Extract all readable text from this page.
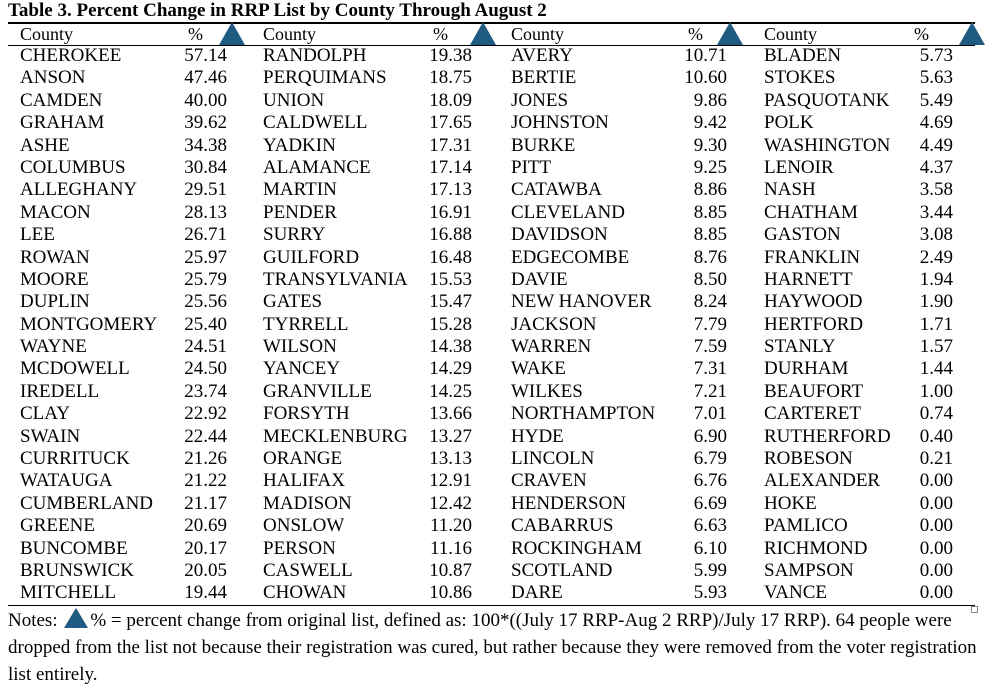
Table 3. Percent Change in RRP List by County Through August 2
County	%
CHEROKEE	57.14
ANSON	47.46
CAMDEN	40.00
GRAHAM	39.62
ASHE	34.38
COLUMBUS	30.84
ALLEGHANY	29.51
MACON	28.13
LEE	26.71
ROWAN	25.97
MOORE	25.79
DUPLIN	25.56
MONTGOMERY	25.40
WAYNE	24.51
MCDOWELL	24.50
IREDELL	23.74
CLAY	22.92
SWAIN	22.44
CURRITUCK	21.26
WATAUGA	21.22
CUMBERLAND	21.17
GREENE	20.69
BUNCOMBE	20.17
BRUNSWICK	20.05
MITCHELL	19.44
County	%
RANDOLPH	19.38
PERQUIMANS	18.75
UNION	18.09
CALDWELL	17.65
YADKIN	17.31
ALAMANCE	17.14
MARTIN	17.13
PENDER	16.91
SURRY	16.88
GUILFORD	16.48
TRANSYLVANIA	15.53
GATES	15.47
TYRRELL	15.28
WILSON	14.38
YANCEY	14.29
GRANVILLE	14.25
FORSYTH	13.66
MECKLENBURG	13.27
ORANGE	13.13
HALIFAX	12.91
MADISON	12.42
ONSLOW	11.20
PERSON	11.16
CASWELL	10.87
CHOWAN	10.86
County	%
AVERY	10.71
BERTIE	10.60
JONES	9.86
JOHNSTON	9.42
BURKE	9.30
PITT	9.25
CATAWBA	8.86
CLEVELAND	8.85
DAVIDSON	8.85
EDGECOMBE	8.76
DAVIE	8.50
NEW HANOVER	8.24
JACKSON	7.79
WARREN	7.59
WAKE	7.31
WILKES	7.21
NORTHAMPTON	7.01
HYDE	6.90
LINCOLN	6.79
CRAVEN	6.76
HENDERSON	6.69
CABARRUS	6.63
ROCKINGHAM	6.10
SCOTLAND	5.99
DARE	5.93
County	%
BLADEN	5.73
STOKES	5.63
PASQUOTANK	5.49
POLK	4.69
WASHINGTON	4.49
LENOIR	4.37
NASH	3.58
CHATHAM	3.44
GASTON	3.08
FRANKLIN	2.49
HARNETT	1.94
HAYWOOD	1.90
HERTFORD	1.71
STANLY	1.57
DURHAM	1.44
BEAUFORT	1.00
CARTERET	0.74
RUTHERFORD	0.40
ROBESON	0.21
ALEXANDER	0.00
HOKE	0.00
PAMLICO	0.00
RICHMOND	0.00
SAMPSON	0.00
VANCE	0.00
Notes: % = percent change from original list, defined as: 100*((July 17 RRP-Aug 2 RRP)/July 17 RRP). 64 people were dropped from the list not because their registration was cured, but rather because they were removed from the voter registration list entirely.
